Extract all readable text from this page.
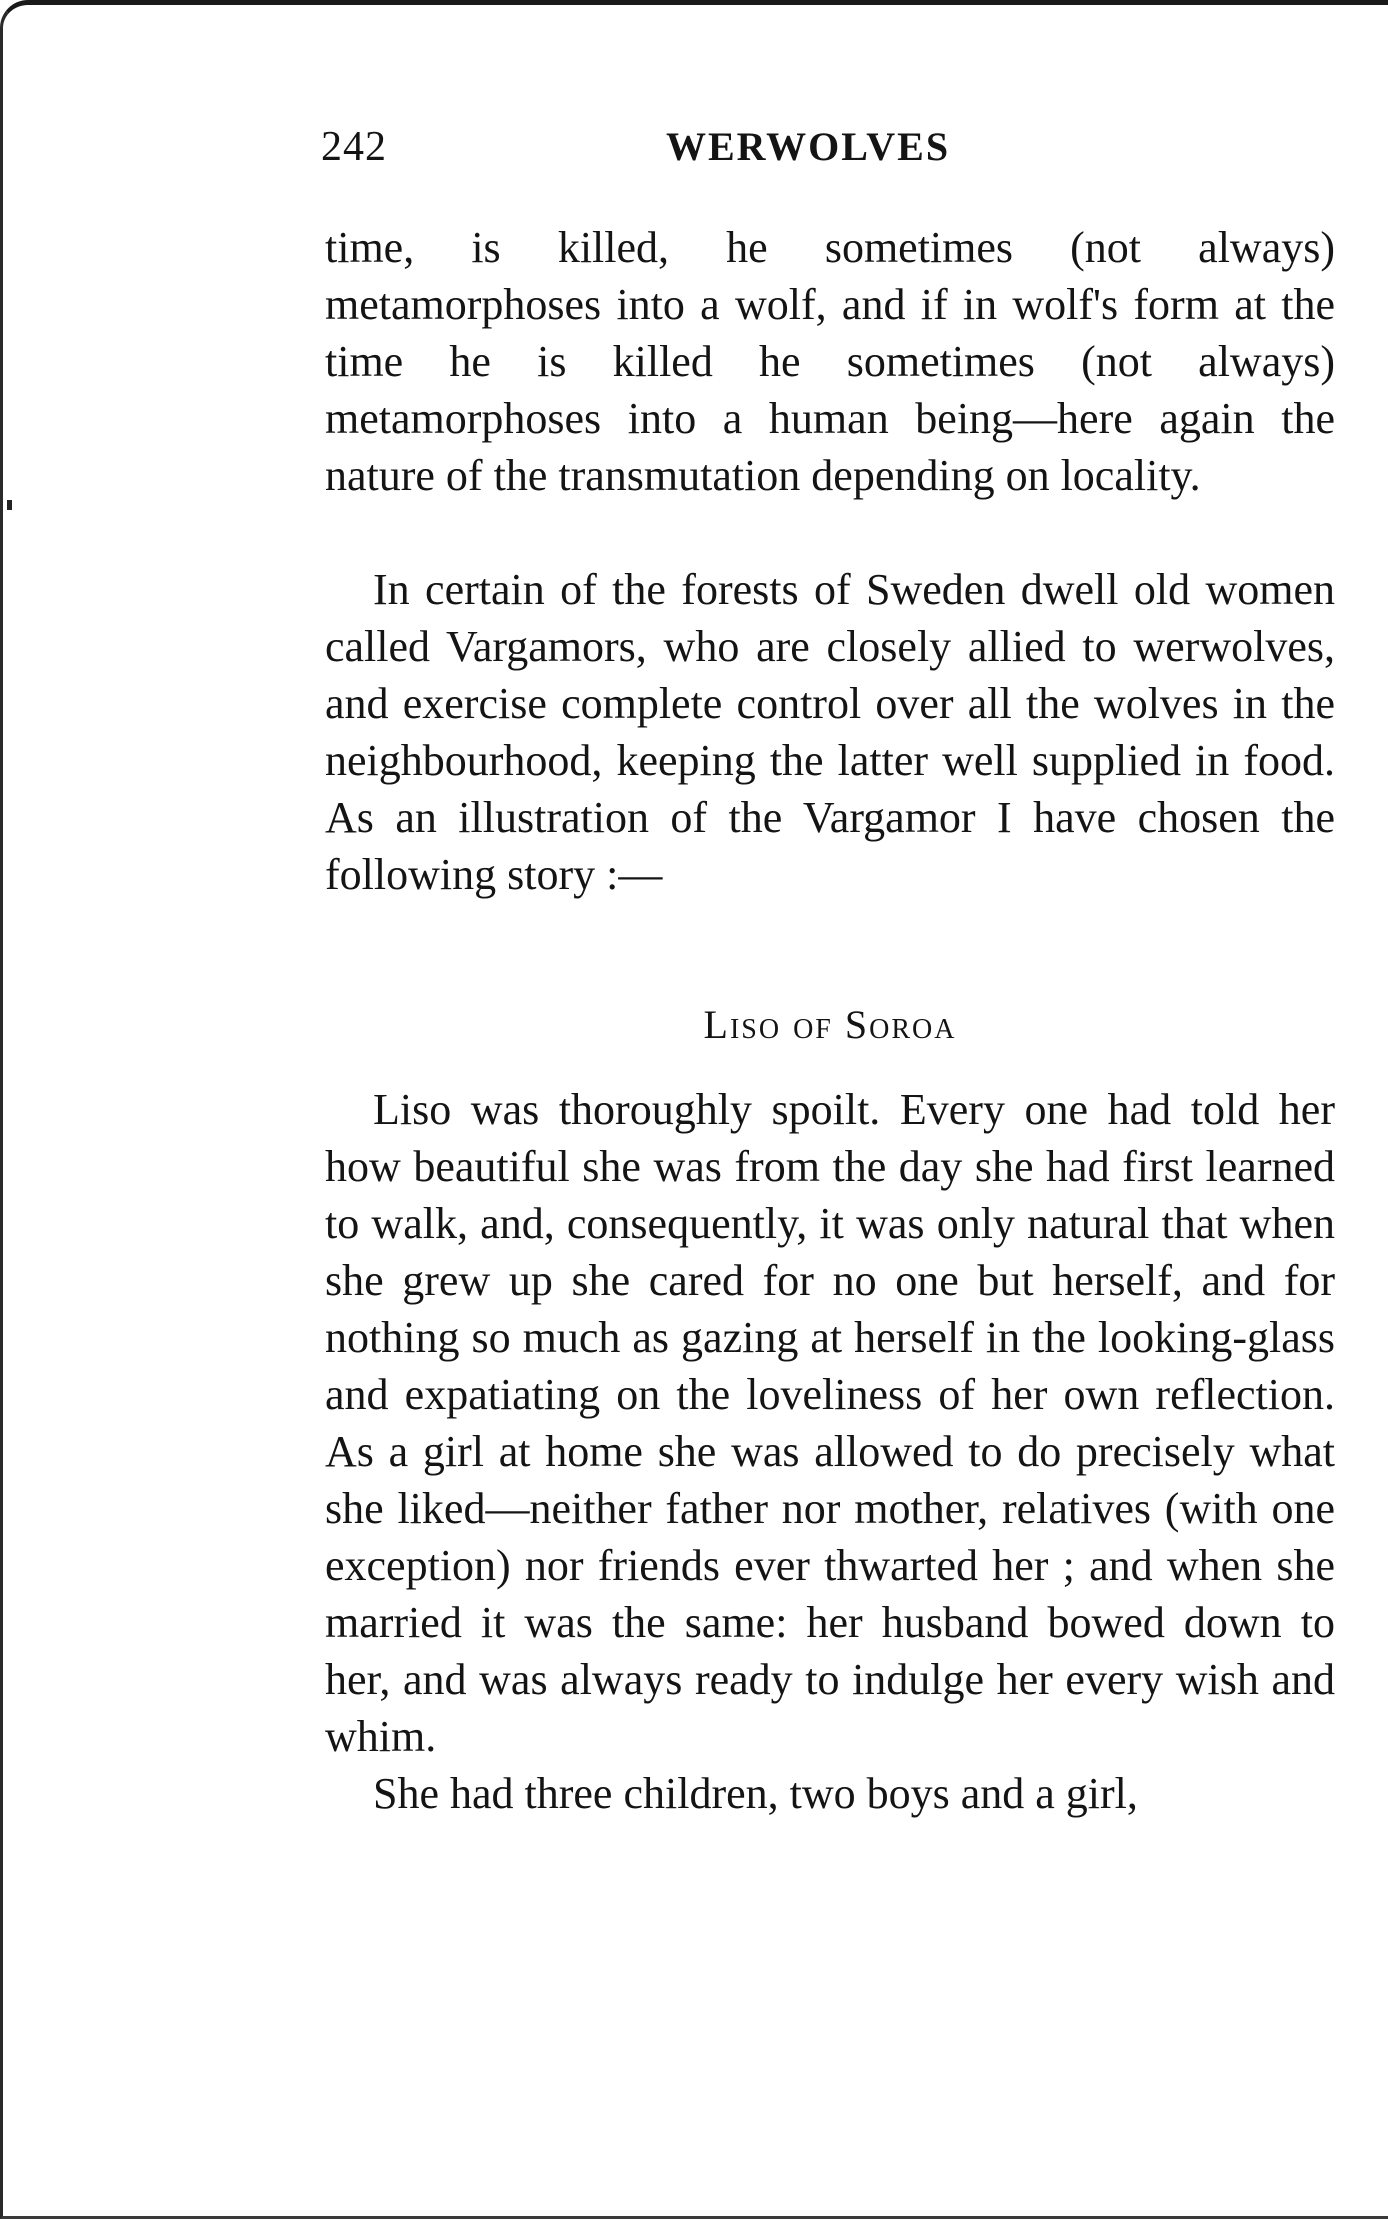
242	WERWOLVES

time, is killed, he sometimes (not always) metamorphoses into a wolf, and if in wolf's form at the time he is killed he sometimes (not always) metamorphoses into a human being—here again the nature of the transmutation depending on locality.

In certain of the forests of Sweden dwell old women called Vargamors, who are closely allied to werwolves, and exercise complete control over all the wolves in the neighbourhood, keeping the latter well supplied in food. As an illustration of the Vargamor I have chosen the following story :—

Liso of Soroa

Liso was thoroughly spoilt. Every one had told her how beautiful she was from the day she had first learned to walk, and, consequently, it was only natural that when she grew up she cared for no one but herself, and for nothing so much as gazing at herself in the looking-glass and expatiating on the loveliness of her own reflection. As a girl at home she was allowed to do precisely what she liked—neither father nor mother, relatives (with one exception) nor friends ever thwarted her ; and when she married it was the same: her husband bowed down to her, and was always ready to indulge her every wish and whim.

She had three children, two boys and a girl,
